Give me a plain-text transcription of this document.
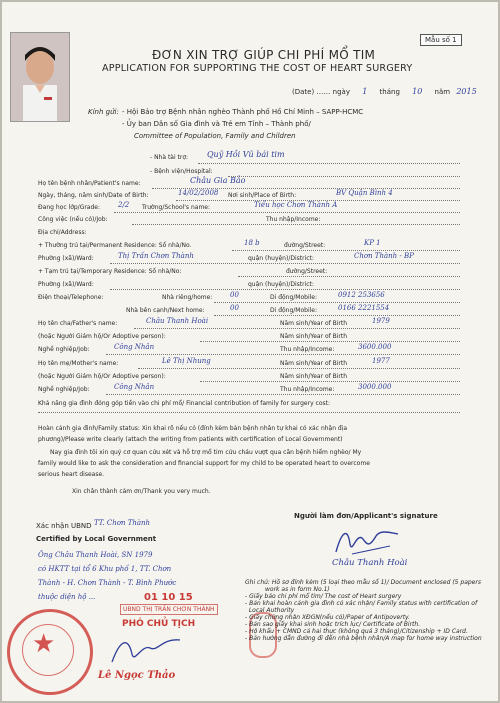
Mẫu số 1
ĐƠN XIN TRỢ GIÚP CHI PHÍ MỔ TIM
APPLICATION FOR SUPPORTING THE COST OF HEART SURGERY
(Date) …… ngày 1 tháng 10 năm 2015
Kính gửi: - Hội Bảo trợ Bệnh nhân nghèo Thành phố Hồ Chí Minh – SAPP-HCMC
- Ủy ban Dân số Gia đình và Trẻ em Tỉnh – Thành phố/
Committee of Population, Family and Children
- Nhà tài trợ: Quỹ Hồi Vũ bái tim
- Bệnh viện/Hospital:
Họ tên bệnh nhân/Patient's name:	Châu Gia Bảo
Ngày, tháng, năm sinh/Date of Birth:	14/02/2008 Nơi sinh/Place of Birth:	BV Quận Bình 4
Đang học lớp/Grade:	2/2 Trường/School's name:	Tiểu học Chơn Thành A
Công việc (nếu có)/Job:	Thu nhập/Income:
Địa chỉ/Address:
+ Thường trú tại/Permanent Residence: Số nhà/No.	18 b	đường/Street:	KP 1
Phường (xã)/Ward:	Thị Trấn Chơn Thành	quận (huyện)/District:	Chơn Thành - BP
+ Tạm trú tại/Temporary Residence: Số nhà/No:	đường/Street:
Phường (xã)/Ward:	quận (huyện)/District:
Điện thoại/Telephone:	Nhà riêng/home:	00	Di động/Mobile:	0912 253656
Nhà bên cạnh/Next home:	00	Di động/Mobile:	0166 2221554
Họ tên cha/Father's name:	Châu Thanh Hoài	Năm sinh/Year of Birth	1979
(hoặc Người Giám hộ/Or Adoptive person):	Năm sinh/Year of Birth
Nghề nghiệp/Job:	Công Nhân	Thu nhập/Income:	3600.000
Họ tên mẹ/Mother's name:	Lê Thị Nhung	Năm sinh/Year of Birth	1977
(hoặc Người Giám hộ/Or Adoptive person):	Năm sinh/Year of Birth
Nghề nghiệp/Job:	Công Nhân	Thu nhập/Income:	3000.000
Khả năng gia đình đóng góp tiền vào chi phí mổ/ Financial contribution of family for surgery cost:
Hoàn cảnh gia đình/Family status: Xin khai rõ nếu có (đính kèm bản bệnh nhân tự khai có xác nhận địa
phương)/Please write clearly (attach the writing from patients with certification of Local Government)
Nay gia đình tôi xin quý cơ quan cứu xét và hỗ trợ mổ tim cứu cháu vượt qua căn bệnh hiểm nghèo/ My
family would like to ask the consideration and financial support for my child to be operated heart to overcome
serious heart disease.
Xin chân thành cảm ơn/Thank you very much.
Người làm đơn/Applicant's signature
Châu Thanh Hoài
Xác nhận UBND TT. Chơn Thành
Certified by Local Government
Ông Châu Thanh Hoài, SN 1979
có HKTT tại tổ 6 Khu phố 1, TT. Chơn
Thành - H. Chơn Thành - T. Bình Phước
thuộc diện hộ ...
★
UBND THỊ TRẤN CHƠN THÀNH
01 10 15
PHÓ CHỦ TỊCH
Lê Ngọc Thảo
Ghi chú: Hồ sơ đính kèm (5 loại theo mẫu số 1)/ Document enclosed (5 papers
work as in form No.1)
- Giấy báo chi phí mổ tim/ The cost of Heart surgery
- Bản khai hoàn cảnh gia đình có xác nhận/ Family status with certification of
Local Authority
- Giấy chứng nhận XĐGN(nếu có)/Paper of Antipoverty.
- Bản sao giấy khai sinh hoặc trích lục/ Certificate of Birth.
- Hộ khẩu + CMND cả hai thực (không quá 3 tháng)/Citizenship + ID Card.
- Bản hướng dẫn đường đi đến nhà bệnh nhân/A map for home way instruction
